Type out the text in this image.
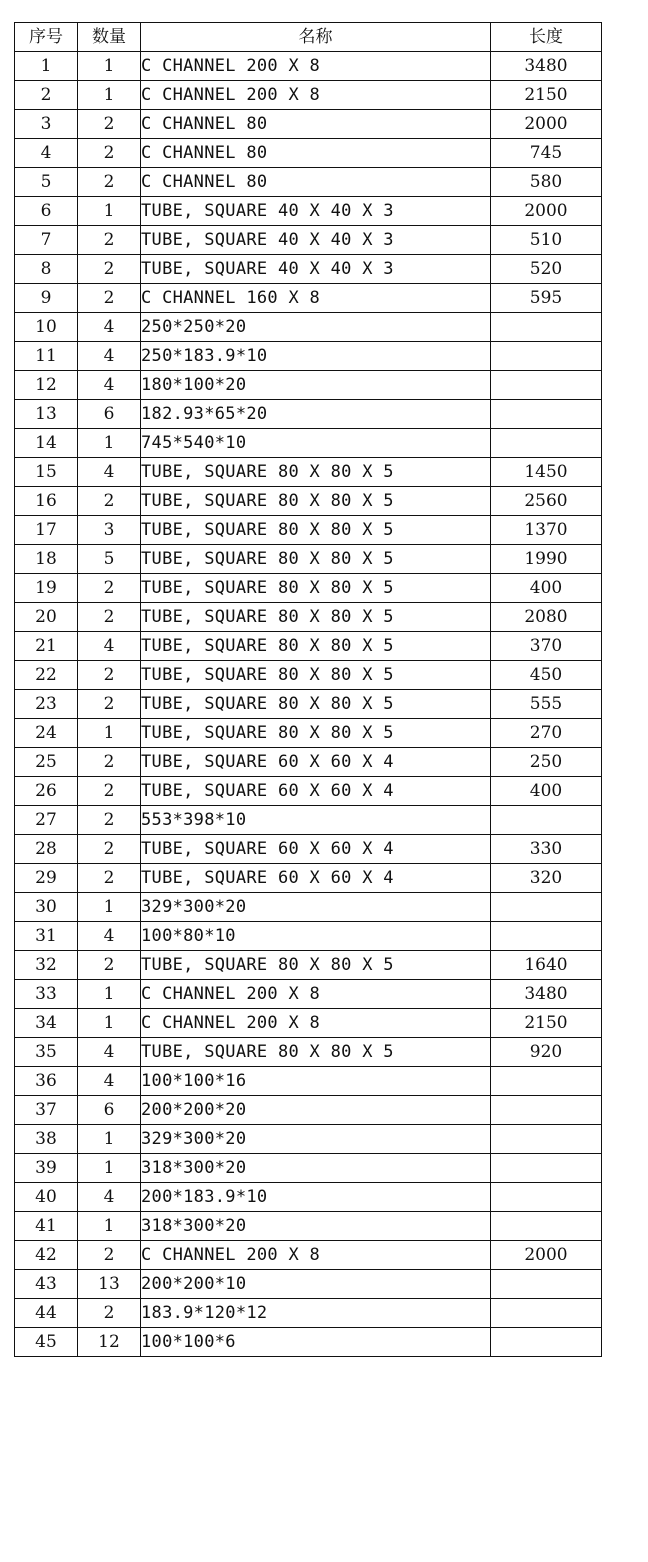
序号	数量	名称	长度
1	1	C CHANNEL 200 X 8	3480
2	1	C CHANNEL 200 X 8	2150
3	2	C CHANNEL 80	2000
4	2	C CHANNEL 80	745
5	2	C CHANNEL 80	580
6	1	TUBE, SQUARE 40 X 40 X 3	2000
7	2	TUBE, SQUARE 40 X 40 X 3	510
8	2	TUBE, SQUARE 40 X 40 X 3	520
9	2	C CHANNEL 160 X 8	595
10	4	250*250*20	
11	4	250*183.9*10	
12	4	180*100*20	
13	6	182.93*65*20	
14	1	745*540*10	
15	4	TUBE, SQUARE 80 X 80 X 5	1450
16	2	TUBE, SQUARE 80 X 80 X 5	2560
17	3	TUBE, SQUARE 80 X 80 X 5	1370
18	5	TUBE, SQUARE 80 X 80 X 5	1990
19	2	TUBE, SQUARE 80 X 80 X 5	400
20	2	TUBE, SQUARE 80 X 80 X 5	2080
21	4	TUBE, SQUARE 80 X 80 X 5	370
22	2	TUBE, SQUARE 80 X 80 X 5	450
23	2	TUBE, SQUARE 80 X 80 X 5	555
24	1	TUBE, SQUARE 80 X 80 X 5	270
25	2	TUBE, SQUARE 60 X 60 X 4	250
26	2	TUBE, SQUARE 60 X 60 X 4	400
27	2	553*398*10	
28	2	TUBE, SQUARE 60 X 60 X 4	330
29	2	TUBE, SQUARE 60 X 60 X 4	320
30	1	329*300*20	
31	4	100*80*10	
32	2	TUBE, SQUARE 80 X 80 X 5	1640
33	1	C CHANNEL 200 X 8	3480
34	1	C CHANNEL 200 X 8	2150
35	4	TUBE, SQUARE 80 X 80 X 5	920
36	4	100*100*16	
37	6	200*200*20	
38	1	329*300*20	
39	1	318*300*20	
40	4	200*183.9*10	
41	1	318*300*20	
42	2	C CHANNEL 200 X 8	2000
43	13	200*200*10	
44	2	183.9*120*12	
45	12	100*100*6	
